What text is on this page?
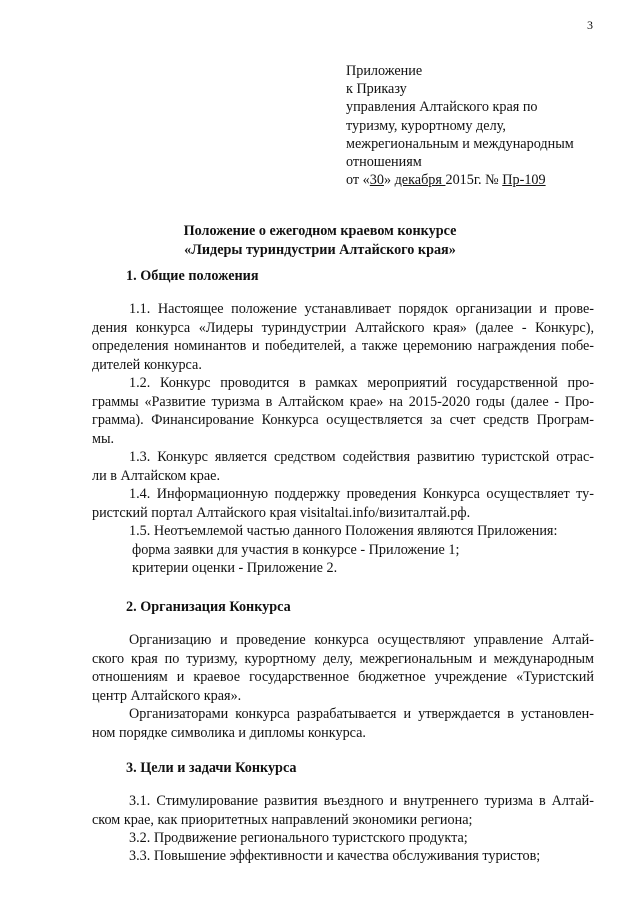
3
Приложение
к Приказу
управления Алтайского края по
туризму, курортному делу,
межрегиональным и международным
отношениям
от «30» декабря 2015г. № Пр-109
Положение о ежегодном краевом конкурсе
«Лидеры туриндустрии Алтайского края»
1. Общие положения
1.1. Настоящее положение устанавливает порядок организации и прове-
дения конкурса «Лидеры туриндустрии Алтайского края» (далее - Конкурс),
определения номинантов и победителей, а также церемонию награждения побе-
дителей конкурса.
1.2. Конкурс проводится в рамках мероприятий государственной про-
граммы «Развитие туризма в Алтайском крае» на 2015-2020 годы (далее - Про-
грамма). Финансирование Конкурса осуществляется за счет средств Програм-
мы.
1.3. Конкурс является средством содействия развитию туристской отрас-
ли в Алтайском крае.
1.4. Информационную поддержку проведения Конкурса осуществляет ту-
ристский портал Алтайского края visitaltai.info/визиталтай.рф.
1.5. Неотъемлемой частью данного Положения являются Приложения:
форма заявки для участия в конкурсе - Приложение 1;
критерии оценки - Приложение 2.
2. Организация Конкурса
Организацию и проведение конкурса осуществляют управление Алтай-
ского края по туризму, курортному делу, межрегиональным и международным
отношениям и краевое государственное бюджетное учреждение «Туристский
центр Алтайского края».
Организаторами конкурса разрабатывается и утверждается в установлен-
ном порядке символика и дипломы конкурса.
3. Цели и задачи Конкурса
3.1. Стимулирование развития въездного и внутреннего туризма в Алтай-
ском крае, как приоритетных направлений экономики региона;
3.2. Продвижение регионального туристского продукта;
3.3. Повышение эффективности и качества обслуживания туристов;
